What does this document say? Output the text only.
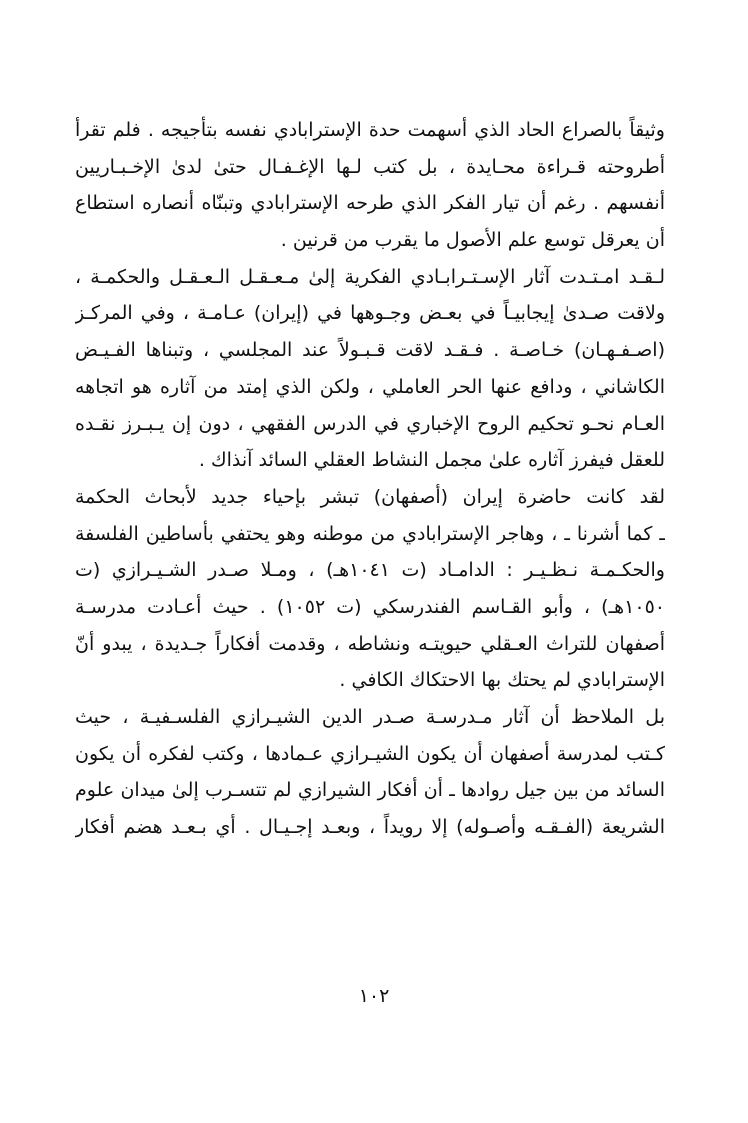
وثيقاً بالصراع الحاد الذي أسهمت حدة الإسترابادي نفسه بتأجيجه . فلم تقرأ
أطروحته قـراءة محـايدة ، بل كتب لـها الإغـفـال حتىٰ لدىٰ الإخـبـاريين
أنفسهم . رغم أن تيار الفكر الذي طرحه الإسترابادي وتبنّاه أنصاره استطاع
أن يعرقل توسع علم الأصول ما يقرب من قرنين .
لـقـد امـتـدت آثار الإسـتـرابـادي الفكرية إلىٰ مـعـقـل الـعـقـل والحكمـة ،
ولاقت صـدىٰ إيجابيـاً في بعـض وجـوهها في (إيران) عـامـة ، وفي المركـز
(اصـفـهـان) خـاصـة . فـقـد لاقت قـبـولاً عند المجلسي ، وتبناها الفـيـض
الكاشاني ، ودافع عنها الحر العاملي ، ولكن الذي إمتد من آثاره هو اتجاهه
العـام نحـو تحكيم الروح الإخباري في الدرس الفقهي ، دون إن يـبـرز نقـده
للعقل فيفرز آثاره علىٰ مجمل النشاط العقلي السائد آنذاك .
لقد كانت حاضرة إيران (أصفهان) تبشر بإحياء جديد لأبحاث الحكمة
ـ كما أشرنا ـ ، وهاجر الإسترابادي من موطنه وهو يحتفي بأساطين الفلسفة
والحكـمـة نـظـيـر : الدامـاد (ت ١٠٤١هـ) ، ومـلا صـدر الشـيـرازي (ت
١٠٥٠هـ) ، وأبو القـاسم الفندرسكي (ت ١٠٥٢) . حيث أعـادت مدرسـة
أصفهان للتراث العـقلي حيويتـه ونشاطه ، وقدمت أفكاراً جـديدة ، يبدو أنّ
الإسترابادي لم يحتك بها الاحتكاك الكافي .
بل الملاحظ أن آثار مـدرسـة صـدر الدين الشيـرازي الفلسـفيـة ، حيث
كـتب لمدرسة أصفهان أن يكون الشيـرازي عـمادها ، وكتب لفكره أن يكون
السائد من بين جيل روادها ـ أن أفكار الشيرازي لم تتسـرب إلىٰ ميدان علوم
الشريعة (الفـقـه وأصـوله) إلا رويداً ، وبعـد إجـيـال . أي بـعـد هضم أفكار
١٠٢
